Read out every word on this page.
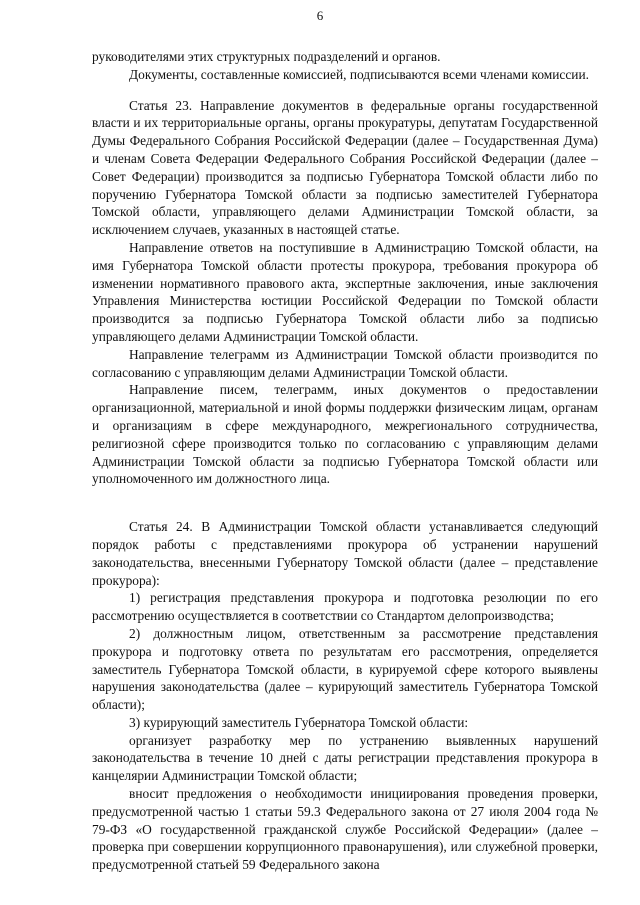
6

руководителями этих структурных подразделений и органов.

Документы, составленные комиссией, подписываются всеми членами комиссии.

Статья 23. Направление документов в федеральные органы государственной власти и их территориальные органы, органы прокуратуры, депутатам Государственной Думы Федерального Собрания Российской Федерации (далее – Государственная Дума) и членам Совета Федерации Федерального Собрания Российской Федерации (далее – Совет Федерации) производится за подписью Губернатора Томской области либо по поручению Губернатора Томской области за подписью заместителей Губернатора Томской области, управляющего делами Администрации Томской области, за исключением случаев, указанных в настоящей статье.

Направление ответов на поступившие в Администрацию Томской области, на имя Губернатора Томской области протесты прокурора, требования прокурора об изменении нормативного правового акта, экспертные заключения, иные заключения Управления Министерства юстиции Российской Федерации по Томской области производится за подписью Губернатора Томской области либо за подписью управляющего делами Администрации Томской области.

Направление телеграмм из Администрации Томской области производится по согласованию с управляющим делами Администрации Томской области.

Направление писем, телеграмм, иных документов о предоставлении организационной, материальной и иной формы поддержки физическим лицам, органам и организациям в сфере международного, межрегионального сотрудничества, религиозной сфере производится только по согласованию с управляющим делами Администрации Томской области за подписью Губернатора Томской области или уполномоченного им должностного лица.

Статья 24. В Администрации Томской области устанавливается следующий порядок работы с представлениями прокурора об устранении нарушений законодательства, внесенными Губернатору Томской области (далее – представление прокурора):

1) регистрация представления прокурора и подготовка резолюции по его рассмотрению осуществляется в соответствии со Стандартом делопроизводства;

2) должностным лицом, ответственным за рассмотрение представления прокурора и подготовку ответа по результатам его рассмотрения, определяется заместитель Губернатора Томской области, в курируемой сфере которого выявлены нарушения законодательства (далее – курирующий заместитель Губернатора Томской области);

3) курирующий заместитель Губернатора Томской области:

организует разработку мер по устранению выявленных нарушений законодательства в течение 10 дней с даты регистрации представления прокурора в канцелярии Администрации Томской области;

вносит предложения о необходимости инициирования проведения проверки, предусмотренной частью 1 статьи 59.3 Федерального закона от 27 июля 2004 года № 79-ФЗ «О государственной гражданской службе Российской Федерации» (далее – проверка при совершении коррупционного правонарушения), или служебной проверки, предусмотренной статьей 59 Федерального закона
